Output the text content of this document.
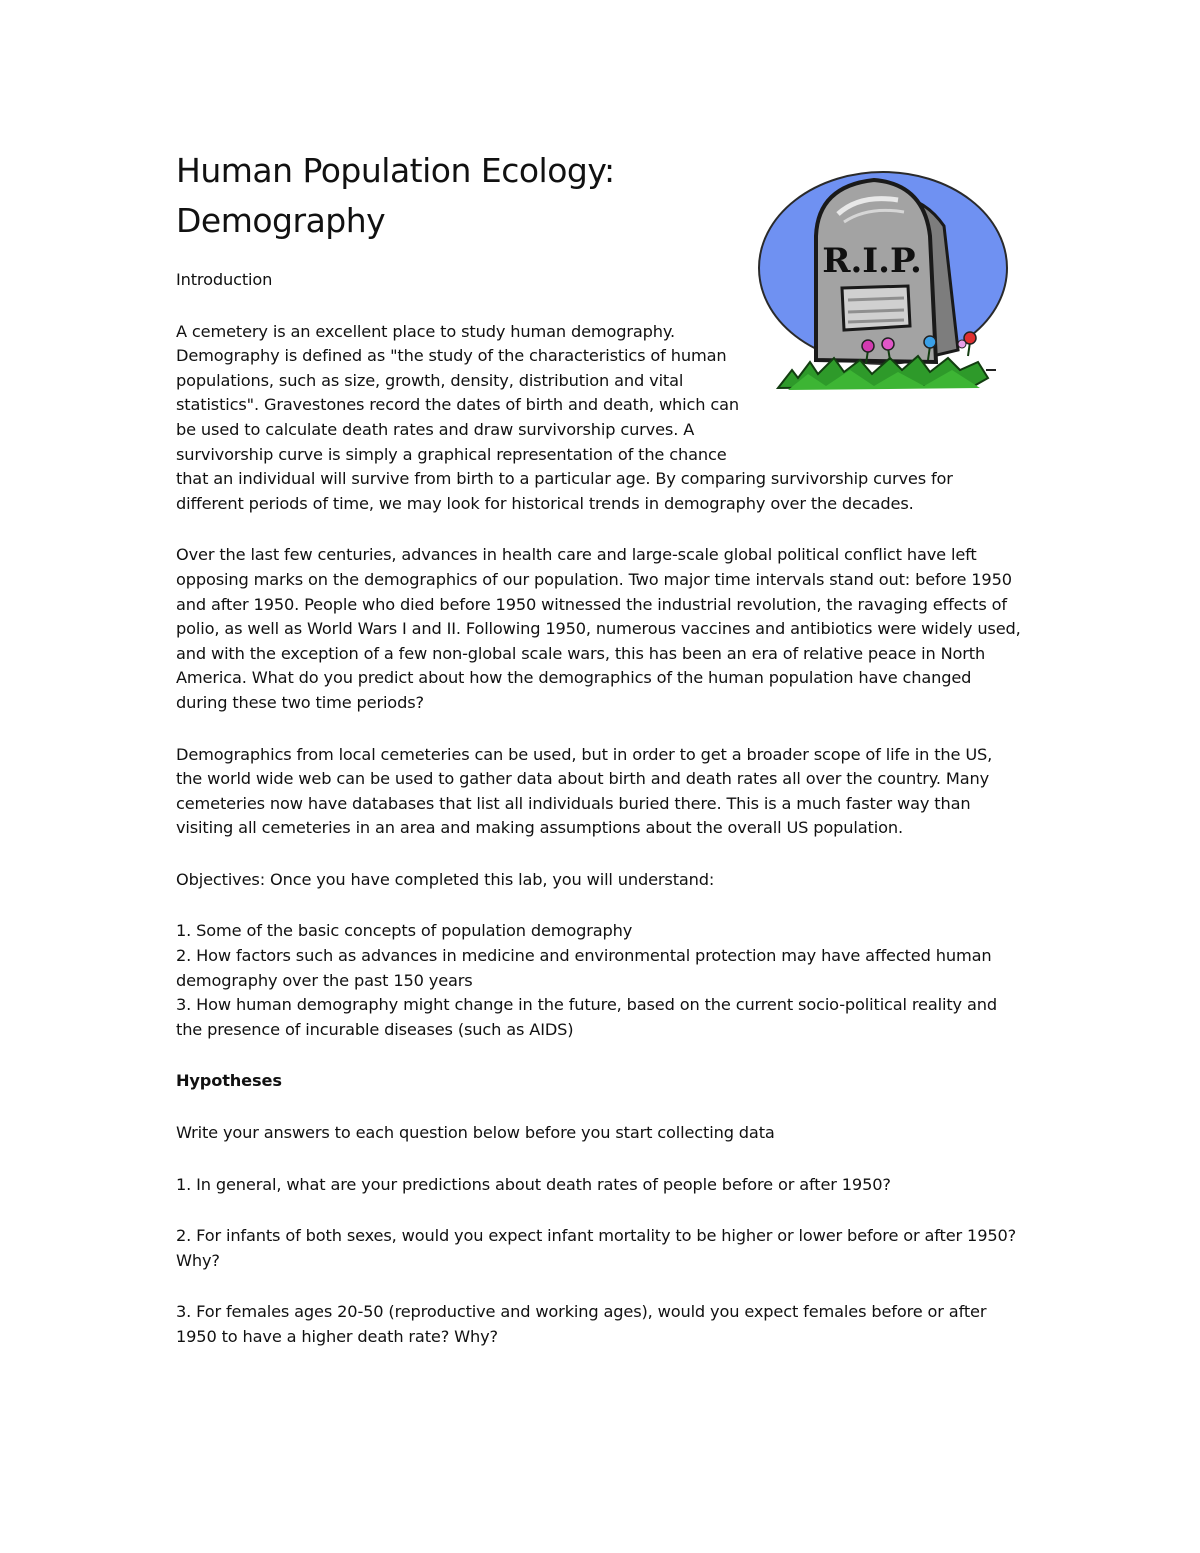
Human Population Ecology:
Demography
R.I.P.

Introduction

A cemetery is an excellent place to study human demography. Demography is defined as "the study of the characteristics of human populations, such as size, growth, density, distribution and vital statistics". Gravestones record the dates of birth and death, which can be used to calculate death rates and draw survivorship curves. A survivorship curve is simply a graphical representation of the chance that an individual will survive from birth to a particular age. By comparing survivorship curves for different periods of time, we may look for historical trends in demography over the decades.

Over the last few centuries, advances in health care and large-scale global political conflict have left opposing marks on the demographics of our population. Two major time intervals stand out: before 1950 and after 1950. People who died before 1950 witnessed the industrial revolution, the ravaging effects of polio, as well as World Wars I and II. Following 1950, numerous vaccines and antibiotics were widely used, and with the exception of a few non-global scale wars, this has been an era of relative peace in North America. What do you predict about how the demographics of the human population have changed during these two time periods?

Demographics from local cemeteries can be used, but in order to get a broader scope of life in the US, the world wide web can be used to gather data about birth and death rates all over the country. Many cemeteries now have databases that list all individuals buried there. This is a much faster way than visiting all cemeteries in an area and making assumptions about the overall US population.

Objectives: Once you have completed this lab, you will understand:

1. Some of the basic concepts of population demography
2. How factors such as advances in medicine and environmental protection may have affected human demography over the past 150 years
3. How human demography might change in the future, based on the current socio-political reality and the presence of incurable diseases (such as AIDS)

Hypotheses

Write your answers to each question below before you start collecting data

1. In general, what are your predictions about death rates of people before or after 1950?

2. For infants of both sexes, would you expect infant mortality to be higher or lower before or after 1950? Why?

3. For females ages 20-50 (reproductive and working ages), would you expect females before or after 1950 to have a higher death rate? Why?
